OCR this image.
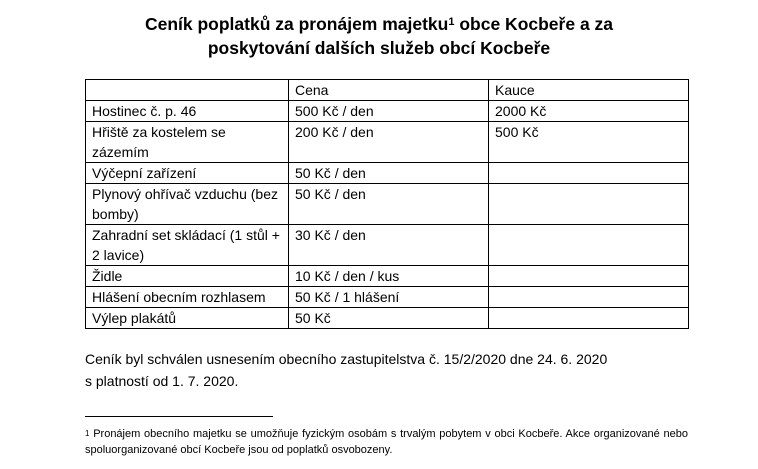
Ceník poplatků za pronájem majetku$^1$ obce Kocbeře a za
poskytování dalších služeb obcí Kocbeře
	Cena	Kauce
Hostinec č. p. 46	500 Kč / den	2000 Kč
Hřiště za kostelem se zázemím	200 Kč / den	500 Kč
Výčepní zařízení	50 Kč / den	
Plynový ohřívač vzduchu (bez bomby)	50 Kč / den	
Zahradní set skládací (1 stůl + 2 lavice)	30 Kč / den	
Židle	10 Kč / den / kus	
Hlášení obecním rozhlasem	50 Kč / 1 hlášení	
Výlep plakátů	50 Kč	
Ceník byl schválen usnesením obecního zastupitelstva č. 15/2/2020 dne 24. 6. 2020
s platností od 1. 7. 2020.
$^1$ Pronájem obecního majetku se umožňuje fyzickým osobám s trvalým pobytem v obci Kocbeře. Akce organizované nebo spoluorganizované obcí Kocbeře jsou od poplatků osvobozeny.
